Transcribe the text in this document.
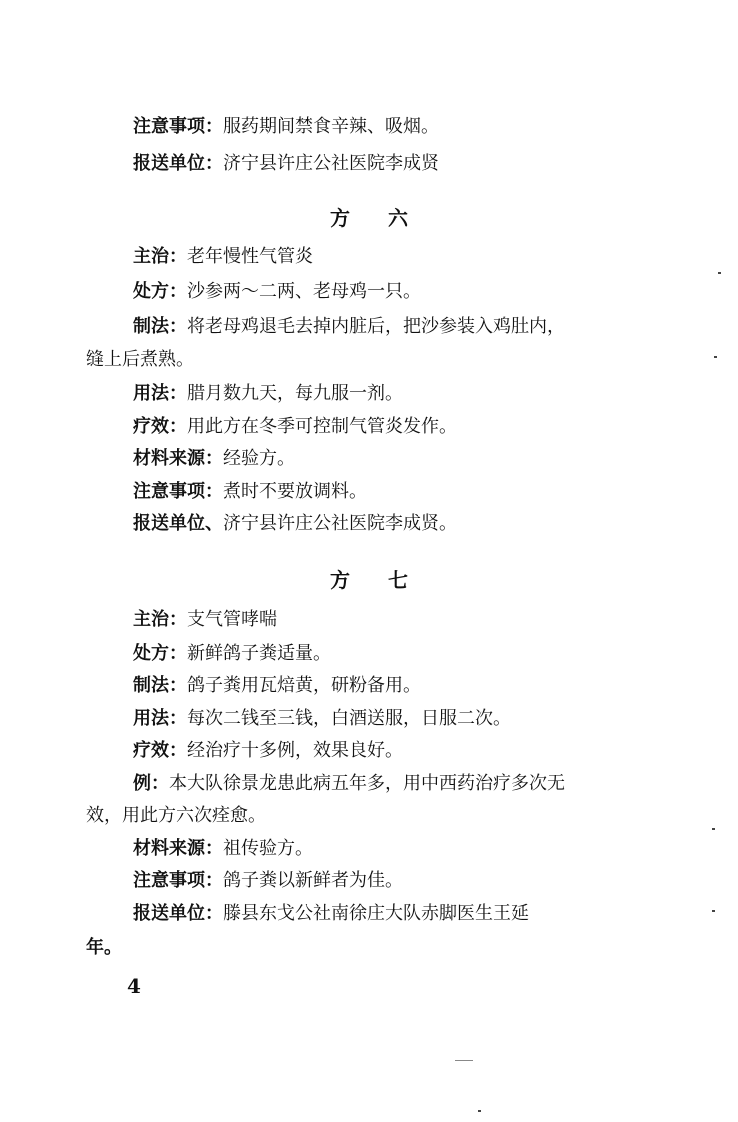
注意事项：服药期间禁食辛辣、吸烟。
报送单位：济宁县许庄公社医院李成贤
方六
主治：老年慢性气管炎
处方：沙参两～二两、老母鸡一只。
制法：将老母鸡退毛去掉内脏后，把沙参装入鸡肚内，
缝上后煮熟。
用法：腊月数九天，每九服一剂。
疗效：用此方在冬季可控制气管炎发作。
材料来源：经验方。
注意事项：煮时不要放调料。
报送单位、济宁县许庄公社医院李成贤。
方七
主治：支气管哮喘
处方：新鲜鸽子粪适量。
制法：鸽子粪用瓦焙黄，研粉备用。
用法：每次二钱至三钱，白酒送服，日服二次。
疗效：经治疗十多例，效果良好。
例：本大队徐景龙患此病五年多，用中西药治疗多次无
效，用此方六次痊愈。
材料来源：祖传验方。
注意事项：鸽子粪以新鲜者为佳。
报送单位：滕县东戈公社南徐庄大队赤脚医生王延
年。
4
